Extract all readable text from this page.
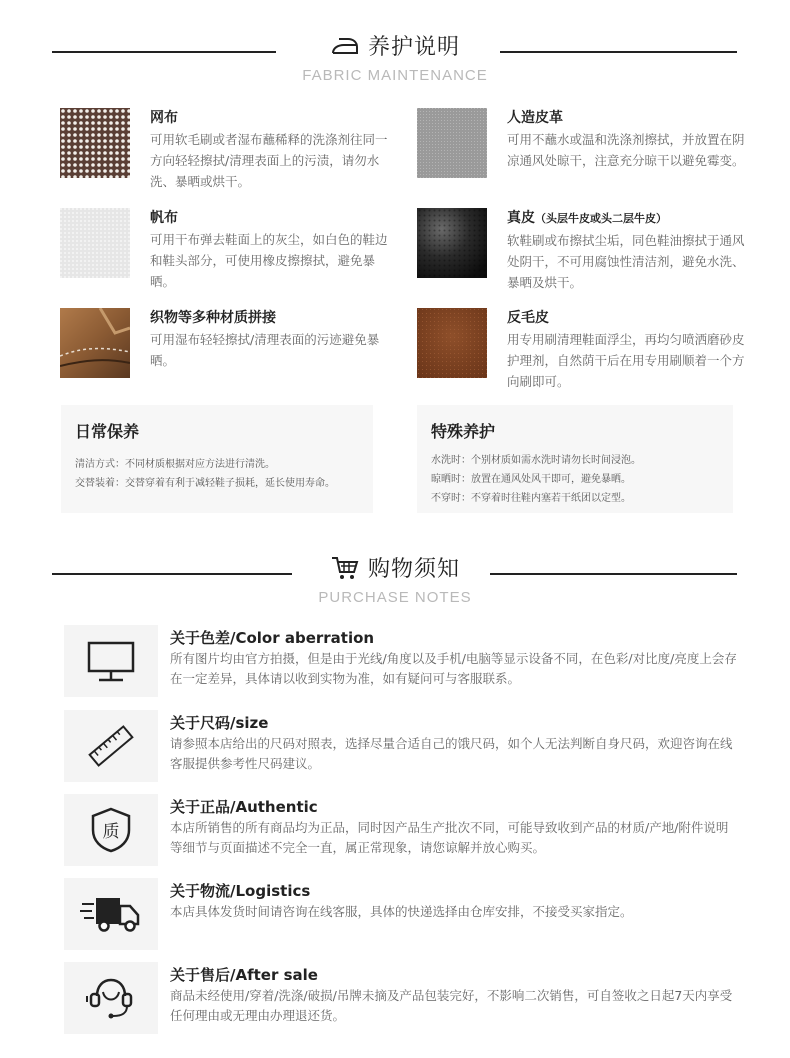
养护说明
FABRIC MAINTENANCE
网布
可用软毛刷或者湿布蘸稀释的洗涤剂往同一方向轻轻擦拭/清理表面上的污渍，请勿水洗、暴晒或烘干。
人造皮革
可用不蘸水或温和洗涤剂擦拭，并放置在阴凉通风处晾干，注意充分晾干以避免霉变。
帆布
可用干布弹去鞋面上的灰尘，如白色的鞋边和鞋头部分，可使用橡皮擦擦拭，避免暴晒。
真皮（头层牛皮或头二层牛皮）
软鞋刷或布擦拭尘垢，同色鞋油擦拭于通风处阴干，不可用腐蚀性清洁剂，避免水洗、暴晒及烘干。
织物等多种材质拼接
可用湿布轻轻擦拭/清理表面的污迹避免暴晒。
反毛皮
用专用刷清理鞋面浮尘，再均匀喷洒磨砂皮护理剂，自然荫干后在用专用刷顺着一个方向刷即可。
日常保养
清洁方式：不同材质根据对应方法进行清洗。
交替装着：交替穿着有利于减轻鞋子损耗，延长使用寿命。
特殊养护
水洗时：个别材质如需水洗时请勿长时间浸泡。
晾晒时：放置在通风处风干即可，避免暴晒。
不穿时：不穿着时往鞋内塞若干纸团以定型。
购物须知
PURCHASE NOTES
关于色差/Color aberration
所有图片均由官方拍摄，但是由于光线/角度以及手机/电脑等显示设备不同，在色彩/对比度/亮度上会存在一定差异，具体请以收到实物为准，如有疑问可与客服联系。
关于尺码/size
请参照本店给出的尺码对照表，选择尽量合适自己的饿尺码，如个人无法判断自身尺码，欢迎咨询在线客服提供参考性尺码建议。
质
关于正品/Authentic
本店所销售的所有商品均为正品，同时因产品生产批次不同，可能导致收到产品的材质/产地/附件说明等细节与页面描述不完全一直，属正常现象，请您谅解并放心购买。
关于物流/Logistics
本店具体发货时间请咨询在线客服，具体的快递选择由仓库安排，不接受买家指定。
关于售后/After sale
商品未经使用/穿着/洗涤/破损/吊牌未摘及产品包装完好，不影响二次销售，可自签收之日起7天内享受任何理由或无理由办理退还货。
